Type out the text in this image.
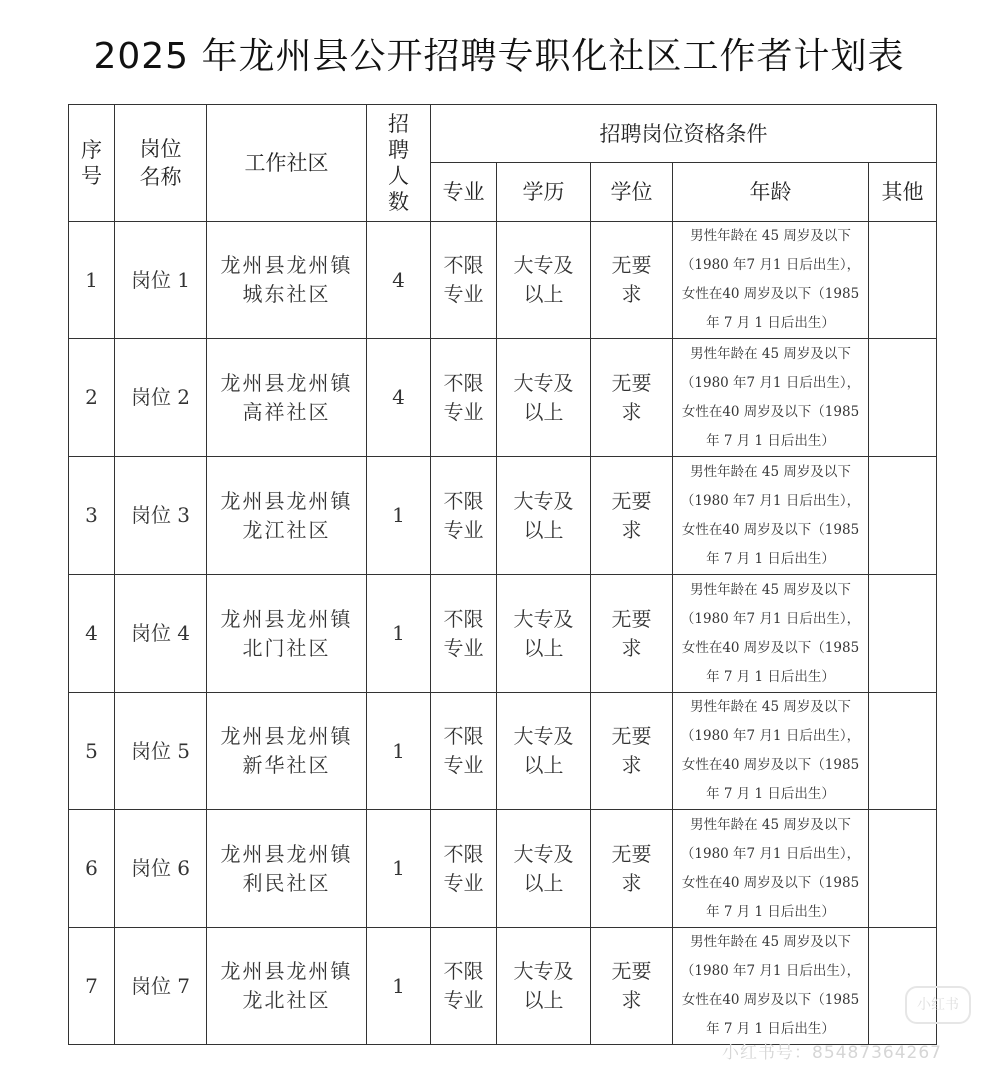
2025 年龙州县公开招聘专职化社区工作者计划表
序号	岗位名称	工作社区	招聘人数	招聘岗位资格条件				
				专业	学历	学位	年龄	其他
1	岗位 1	龙州县龙州镇城东社区	4	不限专业	大专及以上	无要求	男性年龄在 45 周岁及以下
（1980 年7 月1 日后出生），
女性在40 周岁及以下（1985
年 7 月 1 日后出生）	

2	岗位 2	龙州县龙州镇高祥社区	4	不限专业	大专及以上	无要求	男性年龄在 45 周岁及以下
（1980 年7 月1 日后出生），
女性在40 周岁及以下（1985
年 7 月 1 日后出生）	

3	岗位 3	龙州县龙州镇龙江社区	1	不限专业	大专及以上	无要求	男性年龄在 45 周岁及以下
（1980 年7 月1 日后出生），
女性在40 周岁及以下（1985
年 7 月 1 日后出生）	

4	岗位 4	龙州县龙州镇北门社区	1	不限专业	大专及以上	无要求	男性年龄在 45 周岁及以下
（1980 年7 月1 日后出生），
女性在40 周岁及以下（1985
年 7 月 1 日后出生）	

5	岗位 5	龙州县龙州镇新华社区	1	不限专业	大专及以上	无要求	男性年龄在 45 周岁及以下
（1980 年7 月1 日后出生），
女性在40 周岁及以下（1985
年 7 月 1 日后出生）	

6	岗位 6	龙州县龙州镇利民社区	1	不限专业	大专及以上	无要求	男性年龄在 45 周岁及以下
（1980 年7 月1 日后出生），
女性在40 周岁及以下（1985
年 7 月 1 日后出生）	

7	岗位 7	龙州县龙州镇龙北社区	1	不限专业	大专及以上	无要求	男性年龄在 45 周岁及以下
（1980 年7 月1 日后出生），
女性在40 周岁及以下（1985
年 7 月 1 日后出生）	

小红书
小红书号：85487364267
